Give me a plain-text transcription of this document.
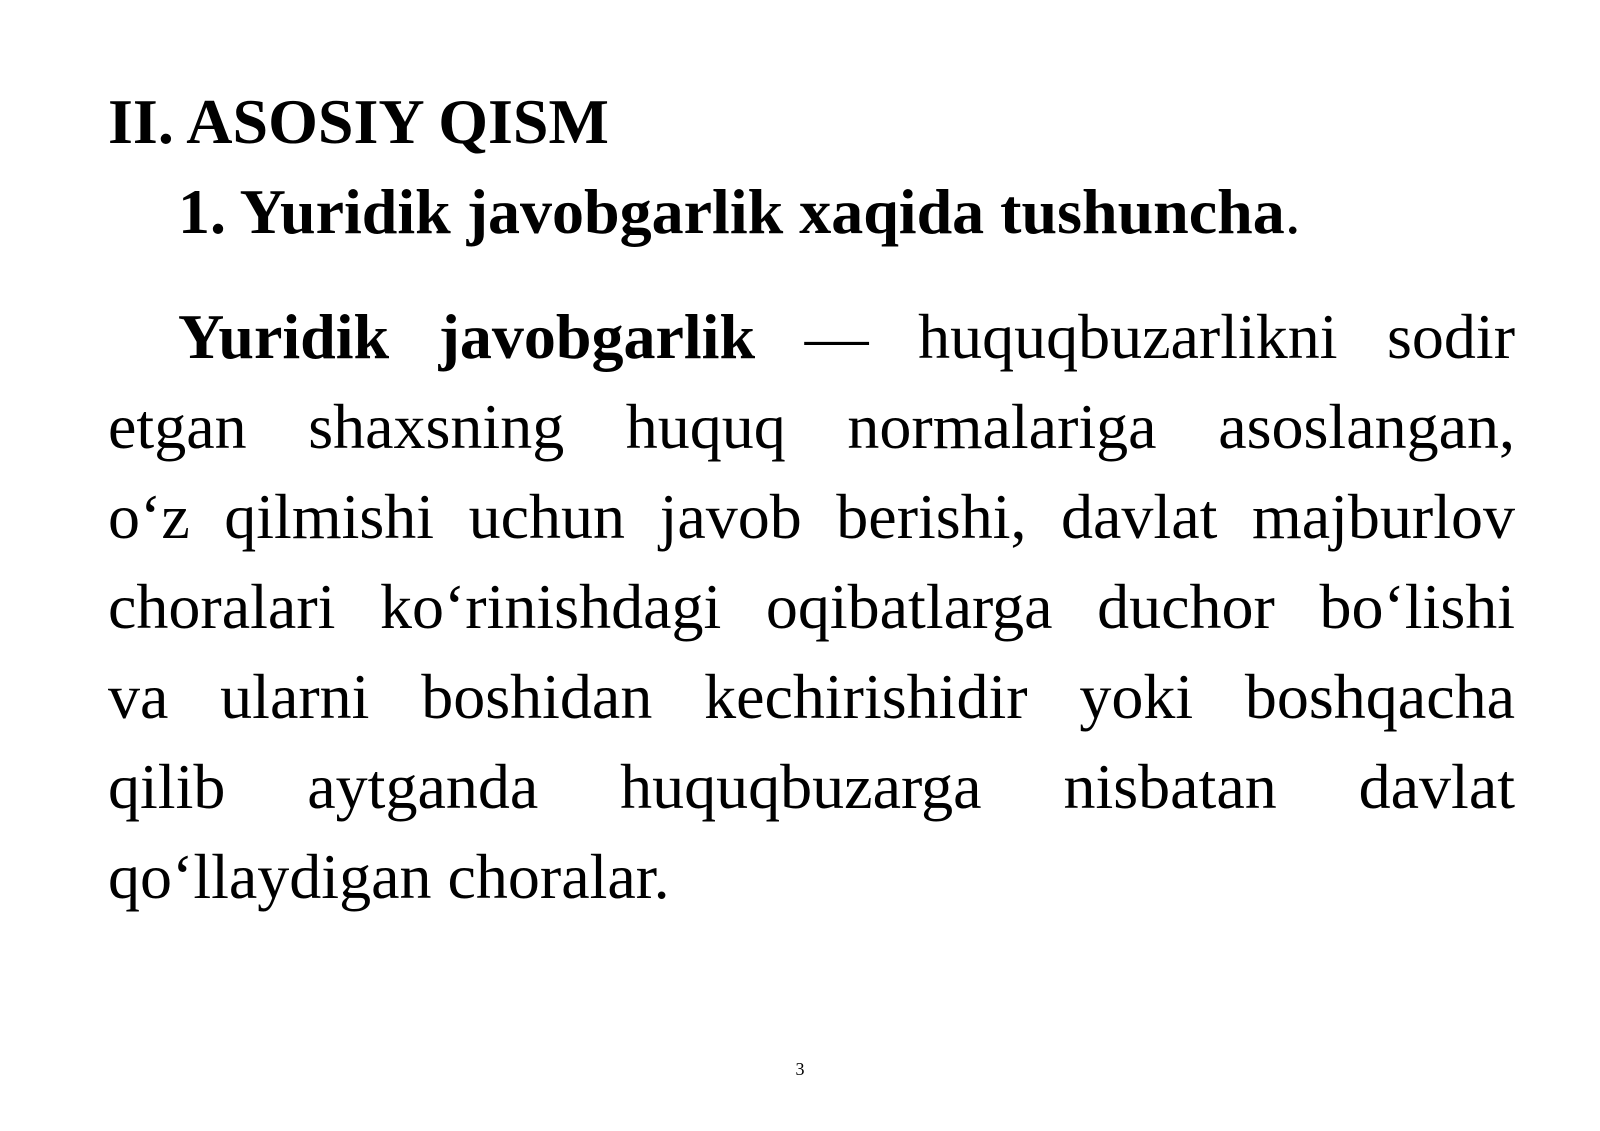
II. ASOSIY QISM
1. Yuridik javobgarlik xaqida tushuncha.
Yuridik javobgarlik — huquqbuzarlikni sodir
etgan shaxsning huquq normalariga asoslangan,
o‘z qilmishi uchun javob berishi, davlat majburlov
choralari ko‘rinishdagi oqibatlarga duchor bo‘lishi
va ularni boshidan kechirishidir yoki boshqacha
qilib aytganda huquqbuzarga nisbatan davlat
qo‘llaydigan choralar.
3
